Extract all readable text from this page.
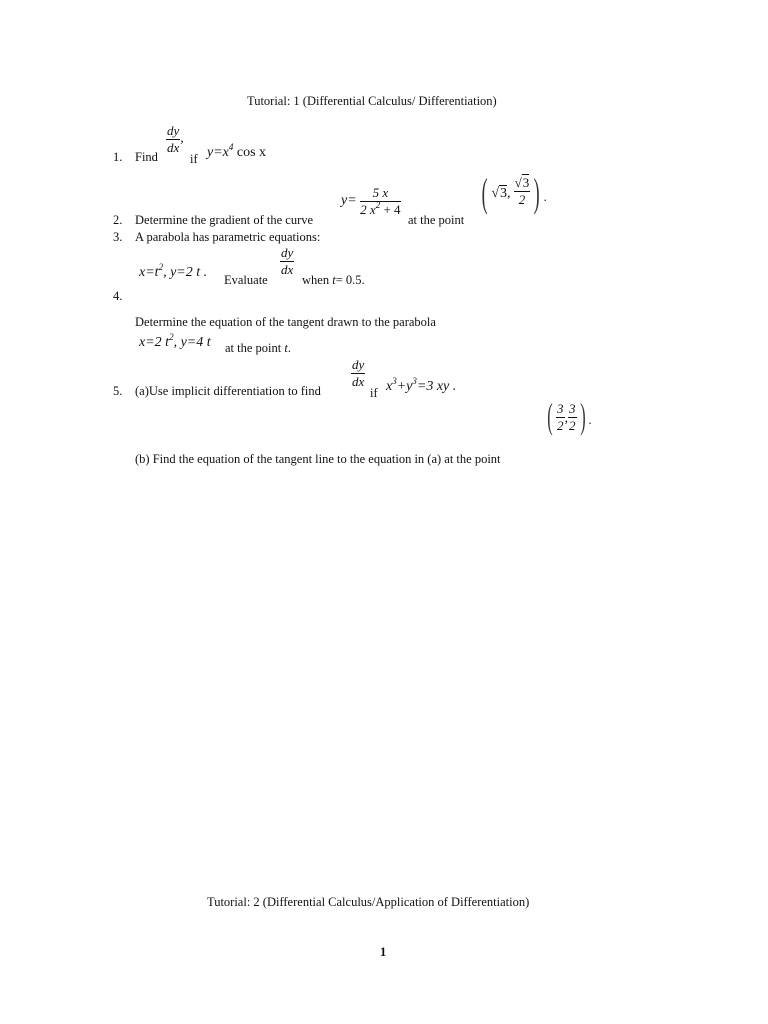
Tutorial: 1 (Differential Calculus/ Differentiation)
1. Find
$\frac{dy}{dx}$ ,
if $y=x^4$ cos x
$y= \frac{5 x}{2 x^2 + 4}$ ( √3, $\frac{√3}{2}$ ) .
2. Determine the gradient of the curve	at the point
3. A parabola has parametric equations:
$x=t^2$, y=2 t . Evaluate
$\frac{dy}{dx}$
when t= 0.5.
4.
Determine the equation of the tangent drawn to the parabola
x=2 $t^2$, y=4 t at the point t.
5. (a)Use implicit differentiation to find
$\frac{dy}{dx}$
if $x^3+y^3=3$ xy .
( $\frac{3}{2}$ , $\frac{3}{2}$ ) .
(b) Find the equation of the tangent line to the equation in (a) at the point
Tutorial: 2 (Differential Calculus/Application of Differentiation)
1
